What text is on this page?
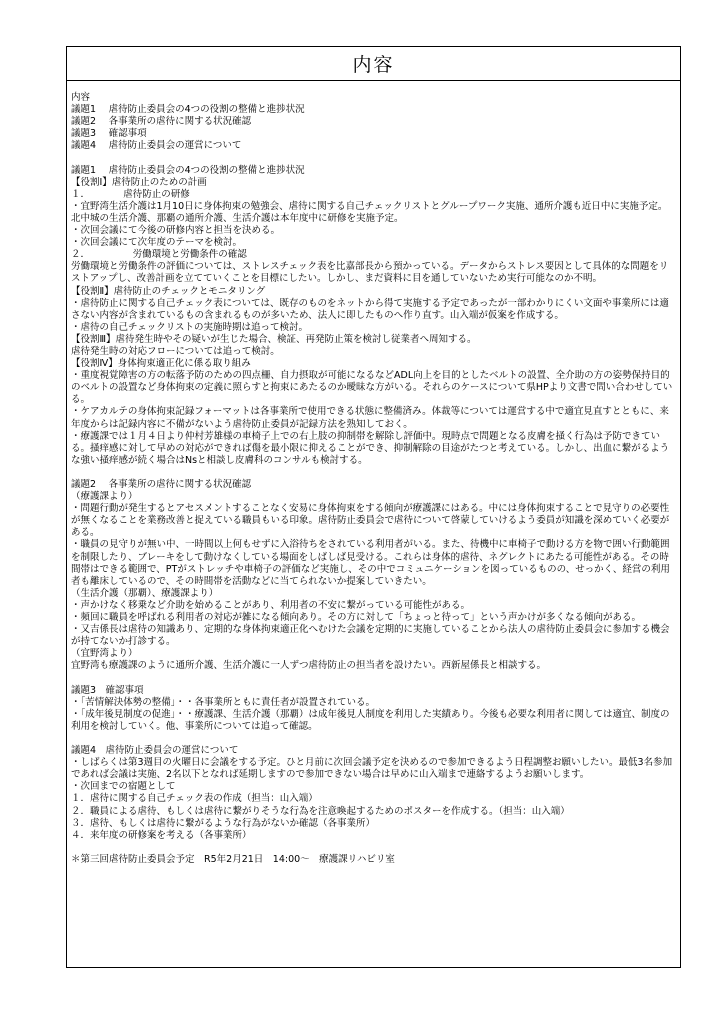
内容
内容
議題1　 虐待防止委員会の4つの役割の整備と進捗状況
議題2　 各事業所の虐待に関する状況確認
議題3　 確認事項
議題4　 虐待防止委員会の運営について
議題1　 虐待防止委員会の4つの役割の整備と進捗状況
【役割Ⅰ】虐待防止のための計画
１．　　　　虐待防止の研修
・宜野湾生活介護は1月10日に身体拘束の勉強会、虐待に関する自己チェックリストとグループワーク実施、通所介護も近日中に実施予定。北中城の生活介護、那覇の通所介護、生活介護は本年度中に研修を実施予定。
・次回会議にて今後の研修内容と担当を決める。
・次回会議にて次年度のテーマを検討。
２．　　　　　労働環境と労働条件の確認
労働環境と労働条件の評価については、ストレスチェック表を比嘉部長から預かっている。データからストレス要因として具体的な問題をリストアップし、改善計画を立てていくことを目標にしたい。しかし、まだ資料に目を通していないため実行可能なのか不明。
【役割Ⅱ】虐待防止のチェックとモニタリング
・虐待防止に関する自己チェック表については、既存のものをネットから得て実施する予定であったが一部わかりにくい文面や事業所には適さない内容が含まれているもの含まれるものが多いため、法人に即したものへ作り直す。山入端が仮案を作成する。
・虐待の自己チェックリストの実施時期は追って検討。
【役割Ⅲ】虐待発生時やその疑いが生じた場合、検証、再発防止策を検討し従業者へ周知する。
虐待発生時の対応フローについては追って検討。
【役割Ⅳ】身体拘束適正化に係る取り組み
・重度視覚障害の方の転落予防のための四点柵、自力摂取が可能になるなどADL向上を目的としたベルトの設置、全介助の方の姿勢保持目的のベルトの設置など身体拘束の定義に照らすと拘束にあたるのか曖昧な方がいる。それらのケースについて県HPより文書で問い合わせしている。
・ケアカルテの身体拘束記録フォーマットは各事業所で使用できる状態に整備済み。体裁等については運営する中で適宜見直すとともに、来年度からは記録内容に不備がないよう虐待防止委員が記録方法を熟知しておく。
・療護課では１月４日より仲村芳雄様の車椅子上での右上肢の抑制帯を解除し評価中。現時点で問題となる皮膚を掻く行為は予防できている。掻痒感に対して早めの対応ができれば傷を最小限に抑えることができ、抑制解除の目途がたつと考えている。しかし、出血に繋がるような強い掻痒感が続く場合はNsと相談し皮膚科のコンサルも検討する。
議題2　 各事業所の虐待に関する状況確認
（療護課より）
・問題行動が発生するとアセスメントすることなく安易に身体拘束をする傾向が療護課にはある。中には身体拘束することで見守りの必要性が無くなることを業務改善と捉えている職員もいる印象。虐待防止委員会で虐待について啓蒙していけるよう委員が知識を深めていく必要がある。
・職員の見守りが無い中、一時間以上何もせずに入浴待ちをされている利用者がいる。また、待機中に車椅子で動ける方を物で囲い行動範囲を制限したり、ブレーキをして動けなくしている場面をしばしば見受ける。これらは身体的虐待、ネグレクトにあたる可能性がある。その時間帯はできる範囲で、PTがストレッチや車椅子の評価など実施し、その中でコミュニケーションを図っているものの、せっかく、経営の利用者も離床しているので、その時間帯を活動などに当てられないか提案していきたい。
（生活介護（那覇）、療護課より）
・声かけなく移乗など介助を始めることがあり、利用者の不安に繋がっている可能性がある。
・頻回に職員を呼ばれる利用者の対応が雑になる傾向あり。その方に対して「ちょっと待って」という声かけが多くなる傾向がある。
・又吉係長は虐待の知識あり、定期的な身体拘束適正化へむけた会議を定期的に実施していることから法人の虐待防止委員会に参加する機会が持てないか打診する。
（宜野湾より）
宜野湾も療護課のように通所介護、生活介護に一人ずつ虐待防止の担当者を設けたい。西新屋係長と相談する。
議題3　確認事項
・「苦情解決体勢の整備」・・各事業所ともに責任者が設置されている。
・「成年後見制度の促進」・・療護課、生活介護（那覇）は成年後見人制度を利用した実績あり。今後も必要な利用者に関しては適宜、制度の利用を検討していく。他、事業所については追って確認。
議題4　虐待防止委員会の運営について
・しばらくは第3週目の火曜日に会議をする予定。ひと月前に次回会議予定を決めるので参加できるよう日程調整お願いしたい。最低3名参加であれば会議は実施、2名以下となれば延期しますので参加できない場合は早めに山入端まで連絡するようお願いします。
・次回までの宿題として
１．虐待に関する自己チェック表の作成（担当：山入端）
２．職員による虐待、もしくは虐待に繋がりそうな行為を注意喚起するためのポスターを作成する。（担当：山入端）
３．虐待、もしくは虐待に繋がるような行為がないか確認（各事業所）
４．来年度の研修案を考える（各事業所）
＊第三回虐待防止委員会予定　R5年2月21日　14:00～　療護課リハビリ室
